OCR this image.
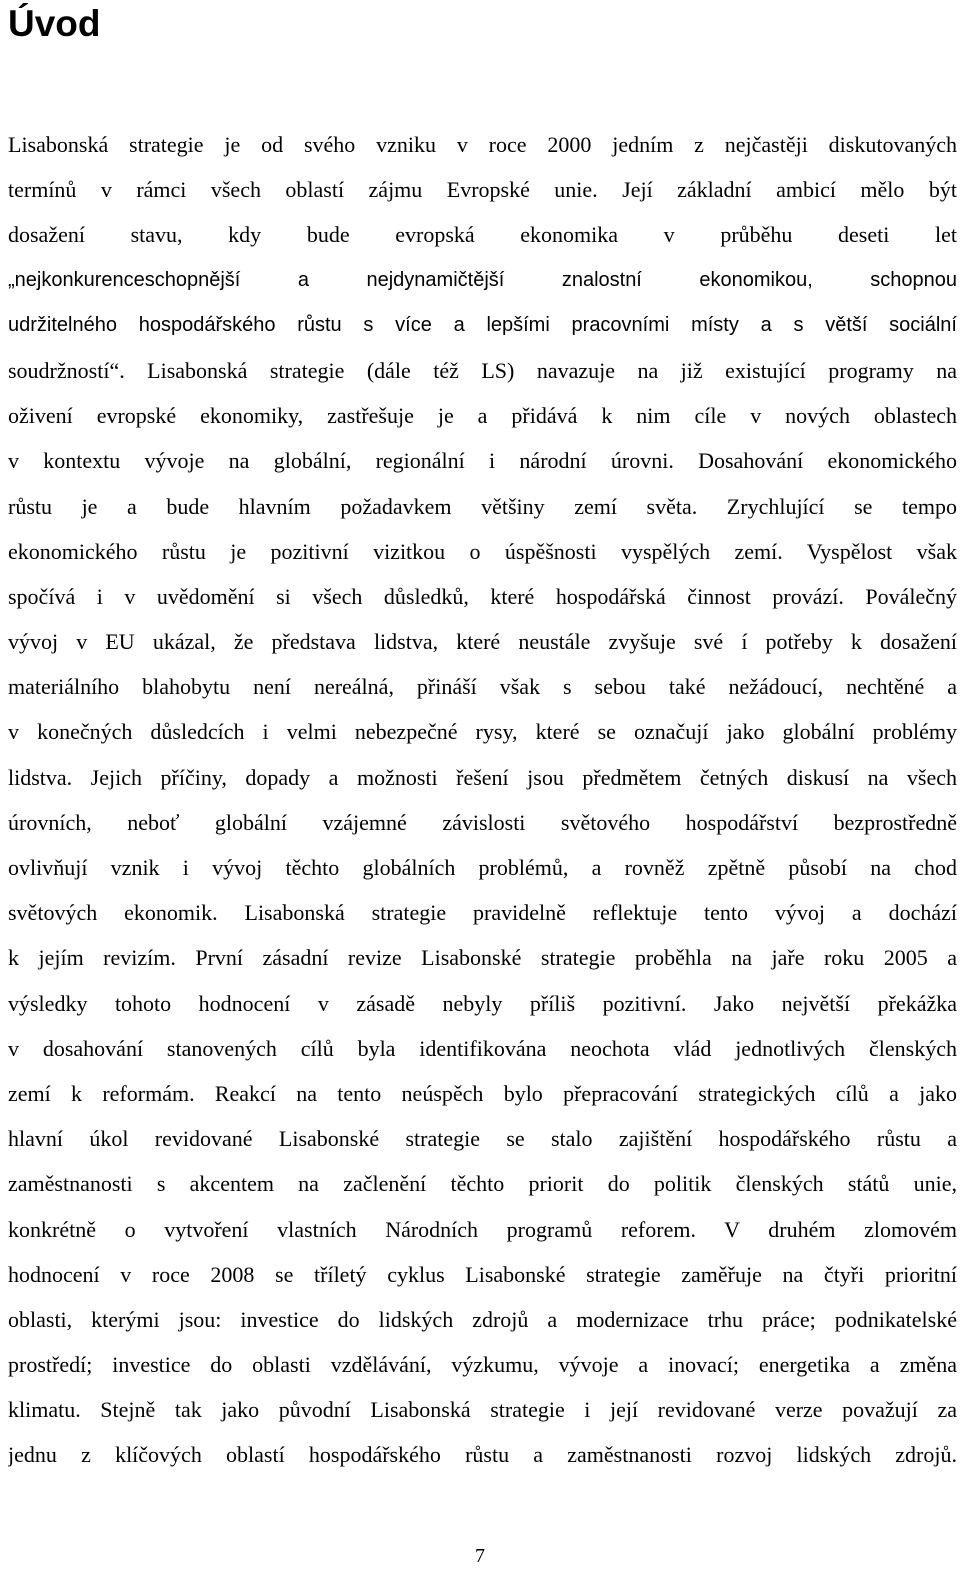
Úvod
Lisabonská strategie je od svého vzniku v roce 2000 jedním z nejčastěji diskutovaných
termínů v rámci všech oblastí zájmu Evropské unie. Její základní ambicí mělo být
dosažení stavu, kdy bude evropská ekonomika v průběhu deseti let
„nejkonkurenceschopnější a nejdynamičtější znalostní ekonomikou, schopnou
udržitelného hospodářského růstu s více a lepšími pracovními místy a s větší sociální
soudržností“. Lisabonská strategie (dále též LS) navazuje na již existující programy na
oživení evropské ekonomiky, zastřešuje je a přidává k nim cíle v nových oblastech
v kontextu vývoje na globální, regionální i národní úrovni. Dosahování ekonomického
růstu je a bude hlavním požadavkem většiny zemí světa. Zrychlující se tempo
ekonomického růstu je pozitivní vizitkou o úspěšnosti vyspělých zemí. Vyspělost však
spočívá i v uvědomění si všech důsledků, které hospodářská činnost provází. Poválečný
vývoj v EU ukázal, že představa lidstva, které neustále zvyšuje své í potřeby k dosažení
materiálního blahobytu není nereálná, přináší však s sebou také nežádoucí, nechtěné a
v konečných důsledcích i velmi nebezpečné rysy, které se označují jako globální problémy
lidstva. Jejich příčiny, dopady a možnosti řešení jsou předmětem četných diskusí na všech
úrovních, neboť globální vzájemné závislosti světového hospodářství bezprostředně
ovlivňují vznik i vývoj těchto globálních problémů, a rovněž zpětně působí na chod
světových ekonomik. Lisabonská strategie pravidelně reflektuje tento vývoj a dochází
k jejím revizím. První zásadní revize Lisabonské strategie proběhla na jaře roku 2005 a
výsledky tohoto hodnocení v zásadě nebyly příliš pozitivní. Jako největší překážka
v dosahování stanovených cílů byla identifikována neochota vlád jednotlivých členských
zemí k reformám. Reakcí na tento neúspěch bylo přepracování strategických cílů a jako
hlavní úkol revidované Lisabonské strategie se stalo zajištění hospodářského růstu a
zaměstnanosti s akcentem na začlenění těchto priorit do politik členských států unie,
konkrétně o vytvoření vlastních Národních programů reforem. V druhém zlomovém
hodnocení v roce 2008 se tříletý cyklus Lisabonské strategie zaměřuje na čtyři prioritní
oblasti, kterými jsou: investice do lidských zdrojů a modernizace trhu práce; podnikatelské
prostředí; investice do oblasti vzdělávání, výzkumu, vývoje a inovací; energetika a změna
klimatu. Stejně tak jako původní Lisabonská strategie i její revidované verze považují za
jednu z klíčových oblastí hospodářského růstu a zaměstnanosti rozvoj lidských zdrojů.
7
